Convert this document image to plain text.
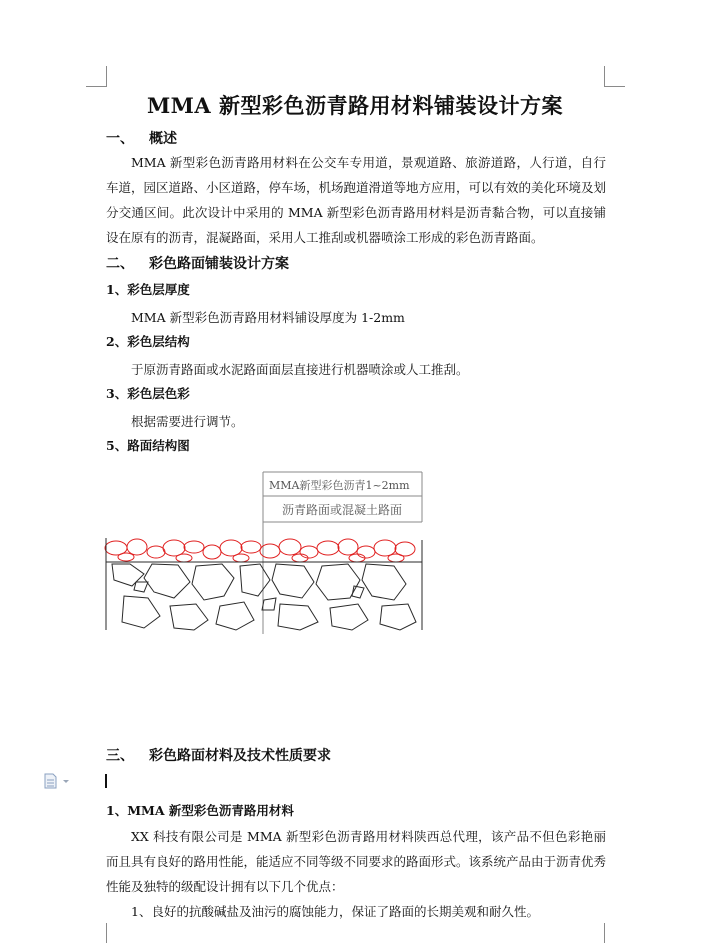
MMA 新型彩色沥青路用材料铺装设计方案
一、 概述
MMA 新型彩色沥青路用材料在公交车专用道，景观道路、旅游道路，人行道，自行车道，园区道路、小区道路，停车场，机场跑道滑道等地方应用，可以有效的美化环境及划分交通区间。此次设计中采用的 MMA 新型彩色沥青路用材料是沥青黏合物，可以直接铺设在原有的沥青，混凝路面，采用人工推刮或机器喷涂工形成的彩色沥青路面。
二、 彩色路面铺装设计方案
1、彩色层厚度
MMA 新型彩色沥青路用材料铺设厚度为 1-2mm
2、彩色层结构
于原沥青路面或水泥路面面层直接进行机器喷涂或人工推刮。
3、彩色层色彩
根据需要进行调节。
5、路面结构图
MMA新型彩色沥青1~2mm
沥青路面或混凝土路面
三、 彩色路面材料及技术性质要求
1、MMA 新型彩色沥青路用材料
XX 科技有限公司是 MMA 新型彩色沥青路用材料陕西总代理，该产品不但色彩艳丽而且具有良好的路用性能，能适应不同等级不同要求的路面形式。该系统产品由于沥青优秀性能及独特的级配设计拥有以下几个优点：
1、良好的抗酸碱盐及油污的腐蚀能力，保证了路面的长期美观和耐久性。
